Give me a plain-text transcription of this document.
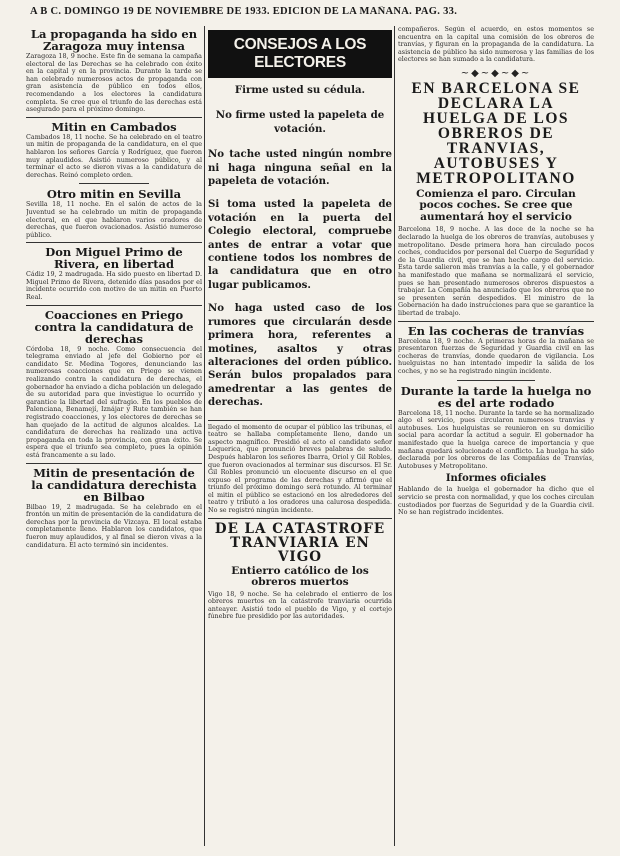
A B C. DOMINGO 19 DE NOVIEMBRE DE 1933. EDICION DE LA MAÑANA. PAG. 33.
La propaganda ha sido en Zaragoza muy intensa

Zaragoza 18, 9 noche. Este fin de semana la campaña electoral de las Derechas se ha celebrado con éxito en la capital y en la provincia. Durante la tarde se han celebrado numerosos actos de propaganda con gran asistencia de público en todos ellos, recomendando a los electores la candidatura completa. Se cree que el triunfo de las derechas está asegurado para el próximo domingo.

Mitin en Cambados

Cambados 18, 11 noche. Se ha celebrado en el teatro un mitin de propaganda de la candidatura, en el que hablaron los señores García y Rodríguez, que fueron muy aplaudidos. Asistió numeroso público, y al terminar el acto se dieron vivas a la candidatura de derechas. Reinó completo orden.

Otro mitin en Sevilla

Sevilla 18, 11 noche. En el salón de actos de la Juventud se ha celebrado un mitin de propaganda electoral, en el que hablaron varios oradores de derechas, que fueron ovacionados. Asistió numeroso público.

Don Miguel Primo de Rivera, en libertad

Cádiz 19, 2 madrugada. Ha sido puesto en libertad D. Miguel Primo de Rivera, detenido días pasados por el incidente ocurrido con motivo de un mitin en Puerto Real.

Coacciones en Priego contra la candidatura de derechas

Córdoba 18, 9 noche. Como consecuencia del telegrama enviado al jefe del Gobierno por el candidato Sr. Medina Togores, denunciando las numerosas coacciones que en Priego se vienen realizando contra la candidatura de derechas, el gobernador ha enviado a dicha población un delegado de su autoridad para que investigue lo ocurrido y garantice la libertad del sufragio. En los pueblos de Palenciana, Benamejí, Iznájar y Rute también se han registrado coacciones, y los electores de derechas se han quejado de la actitud de algunos alcaldes. La candidatura de derechas ha realizado una activa propaganda en toda la provincia, con gran éxito. Se espera que el triunfo sea completo, pues la opinión está francamente a su lado.

Mitin de presentación de la candidatura derechista en Bilbao

Bilbao 19, 2 madrugada. Se ha celebrado en el frontón un mitin de presentación de la candidatura de derechas por la provincia de Vizcaya. El local estaba completamente lleno. Hablaron los candidatos, que fueron muy aplaudidos, y al final se dieron vivas a la candidatura. El acto terminó sin incidentes.

CONSEJOS A LOS ELECTORES

Firme usted su cédula.

No firme usted la papeleta de votación.

No tache usted ningún nombre ni haga ninguna señal en la papeleta de votación.

Si toma usted la papeleta de votación en la puerta del Colegio electoral, compruebe antes de entrar a votar que contiene todos los nombres de la candidatura que en otro lugar publicamos.

No haga usted caso de los rumores que circularán desde primera hora, referentes a motines, asaltos y otras alteraciones del orden público. Serán bulos propalados para amedrentar a las gentes de derechas.

llegado el momento de ocupar el público las tribunas, el teatro se hallaba completamente lleno, dando un aspecto magnífico. Presidió el acto el candidato señor Lequerica, que pronunció breves palabras de saludo. Después hablaron los señores Ibarra, Oriol y Gil Robles, que fueron ovacionados al terminar sus discursos. El Sr. Gil Robles pronunció un elocuente discurso en el que expuso el programa de las derechas y afirmó que el triunfo del próximo domingo será rotundo. Al terminar el mitin el público se estacionó en los alrededores del teatro y tributó a los oradores una calurosa despedida. No se registró ningún incidente.

DE LA CATASTROFE TRANVIARIA EN VIGO
Entierro católico de los obreros muertos

Vigo 18, 9 noche. Se ha celebrado el entierro de los obreros muertos en la catástrofe tranviaria ocurrida anteayer. Asistió todo el pueblo de Vigo, y el cortejo fúnebre fue presidido por las autoridades.

compañeros. Según el acuerdo, en estos momentos se encuentra en la capital una comisión de los obreros de tranvías, y figuran en la propaganda de la candidatura. La asistencia de público ha sido numerosa y las familias de los electores se han sumado a la candidatura.

~◆~◆~◆~
EN BARCELONA SE DECLARA LA HUELGA DE LOS OBREROS DE TRANVIAS, AUTOBUSES Y METROPOLITANO
Comienza el paro. Circulan pocos coches. Se cree que aumentará hoy el servicio

Barcelona 18, 9 noche. A las doce de la noche se ha declarado la huelga de los obreros de tranvías, autobuses y metropolitano. Desde primera hora han circulado pocos coches, conducidos por personal del Cuerpo de Seguridad y de la Guardia civil, que se han hecho cargo del servicio. Esta tarde salieron más tranvías a la calle, y el gobernador ha manifestado que mañana se normalizará el servicio, pues se han presentado numerosos obreros dispuestos a trabajar. La Compañía ha anunciado que los obreros que no se presenten serán despedidos. El ministro de la Gobernación ha dado instrucciones para que se garantice la libertad de trabajo.

En las cocheras de tranvías

Barcelona 18, 9 noche. A primeras horas de la mañana se presentaron fuerzas de Seguridad y Guardia civil en las cocheras de tranvías, donde quedaron de vigilancia. Los huelguistas no han intentado impedir la salida de los coches, y no se ha registrado ningún incidente.

Durante la tarde la huelga no es del arte rodado

Barcelona 18, 11 noche. Durante la tarde se ha normalizado algo el servicio, pues circularon numerosos tranvías y autobuses. Los huelguistas se reunieron en su domicilio social para acordar la actitud a seguir. El gobernador ha manifestado que la huelga carece de importancia y que mañana quedará solucionado el conflicto. La huelga ha sido declarada por los obreros de las Compañías de Tranvías, Autobuses y Metropolitano.

Informes oficiales

Hablando de la huelga el gobernador ha dicho que el servicio se presta con normalidad, y que los coches circulan custodiados por fuerzas de Seguridad y de la Guardia civil. No se han registrado incidentes.
